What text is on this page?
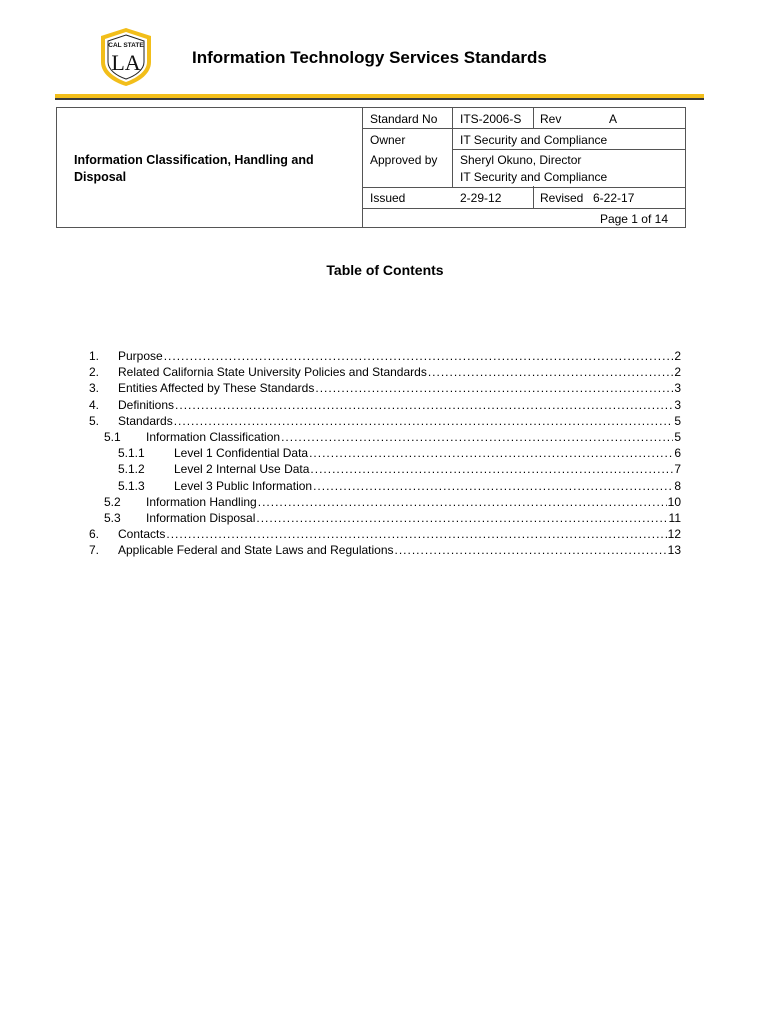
CAL STATE
LA	Information Technology Services Standards
Information Classification, Handling and Disposal
Standard No ITS-2006-S Rev	A
Owner	IT Security and Compliance
Approved by Sheryl Okuno, Director
IT Security and Compliance
Issued	2-29-12	Revised 6-22-17
Page 1 of 14
Table of Contents
1. Purpose .....	2
2. Related California State University Policies and Standards .....	2
3. Entities Affected by These Standards .....	3
4. Definitions .....	3
5. Standards .....	5
5.1 Information Classification .....	5
5.1.1 Level 1 Confidential Data .....	6
5.1.2 Level 2 Internal Use Data .....	7
5.1.3 Level 3 Public Information .....	8
5.2 Information Handling .....	10
5.3 Information Disposal .....	11
6. Contacts .....	12
7. Applicable Federal and State Laws and Regulations .....	13
